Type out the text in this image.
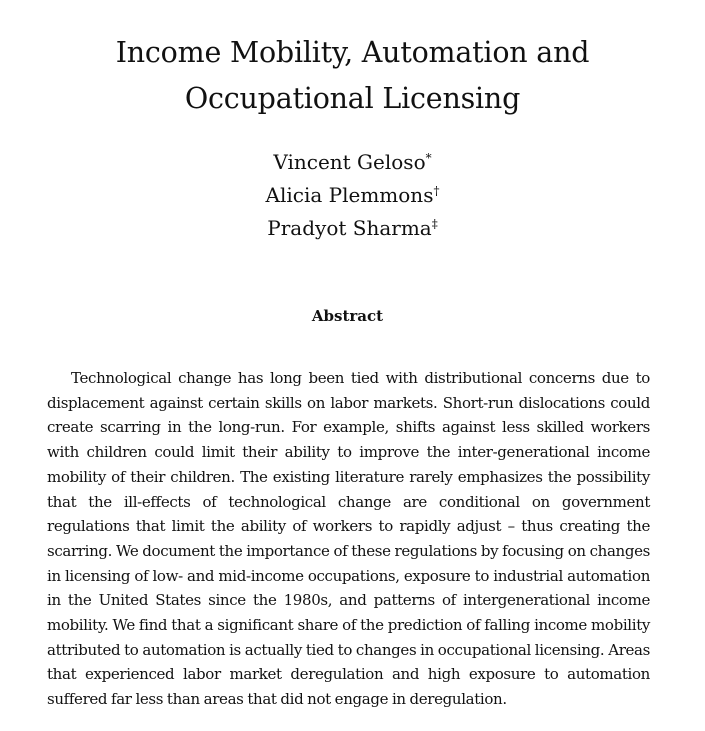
Income Mobility, Automation and Occupational Licensing
Vincent Geloso*
Alicia Plemmons†
Pradyot Sharma‡
Abstract

Technological change has long been tied with distributional concerns due to displacement against certain skills on labor markets. Short-run dislocations could create scarring in the long-run. For example, shifts against less skilled workers with children could limit their ability to improve the inter-generational income mobility of their children. The existing literature rarely emphasizes the possibility that the ill-effects of technological change are conditional on government regulations that limit the ability of workers to rapidly adjust – thus creating the scarring. We document the importance of these regulations by focusing on changes in licensing of low- and mid-income occupations, exposure to industrial automation in the United States since the 1980s, and patterns of intergenerational income mobility. We find that a significant share of the prediction of falling income mobility attributed to automation is actually tied to changes in occupational licensing. Areas that experienced labor market deregulation and high exposure to automation suffered far less than areas that did not engage in deregulation.
